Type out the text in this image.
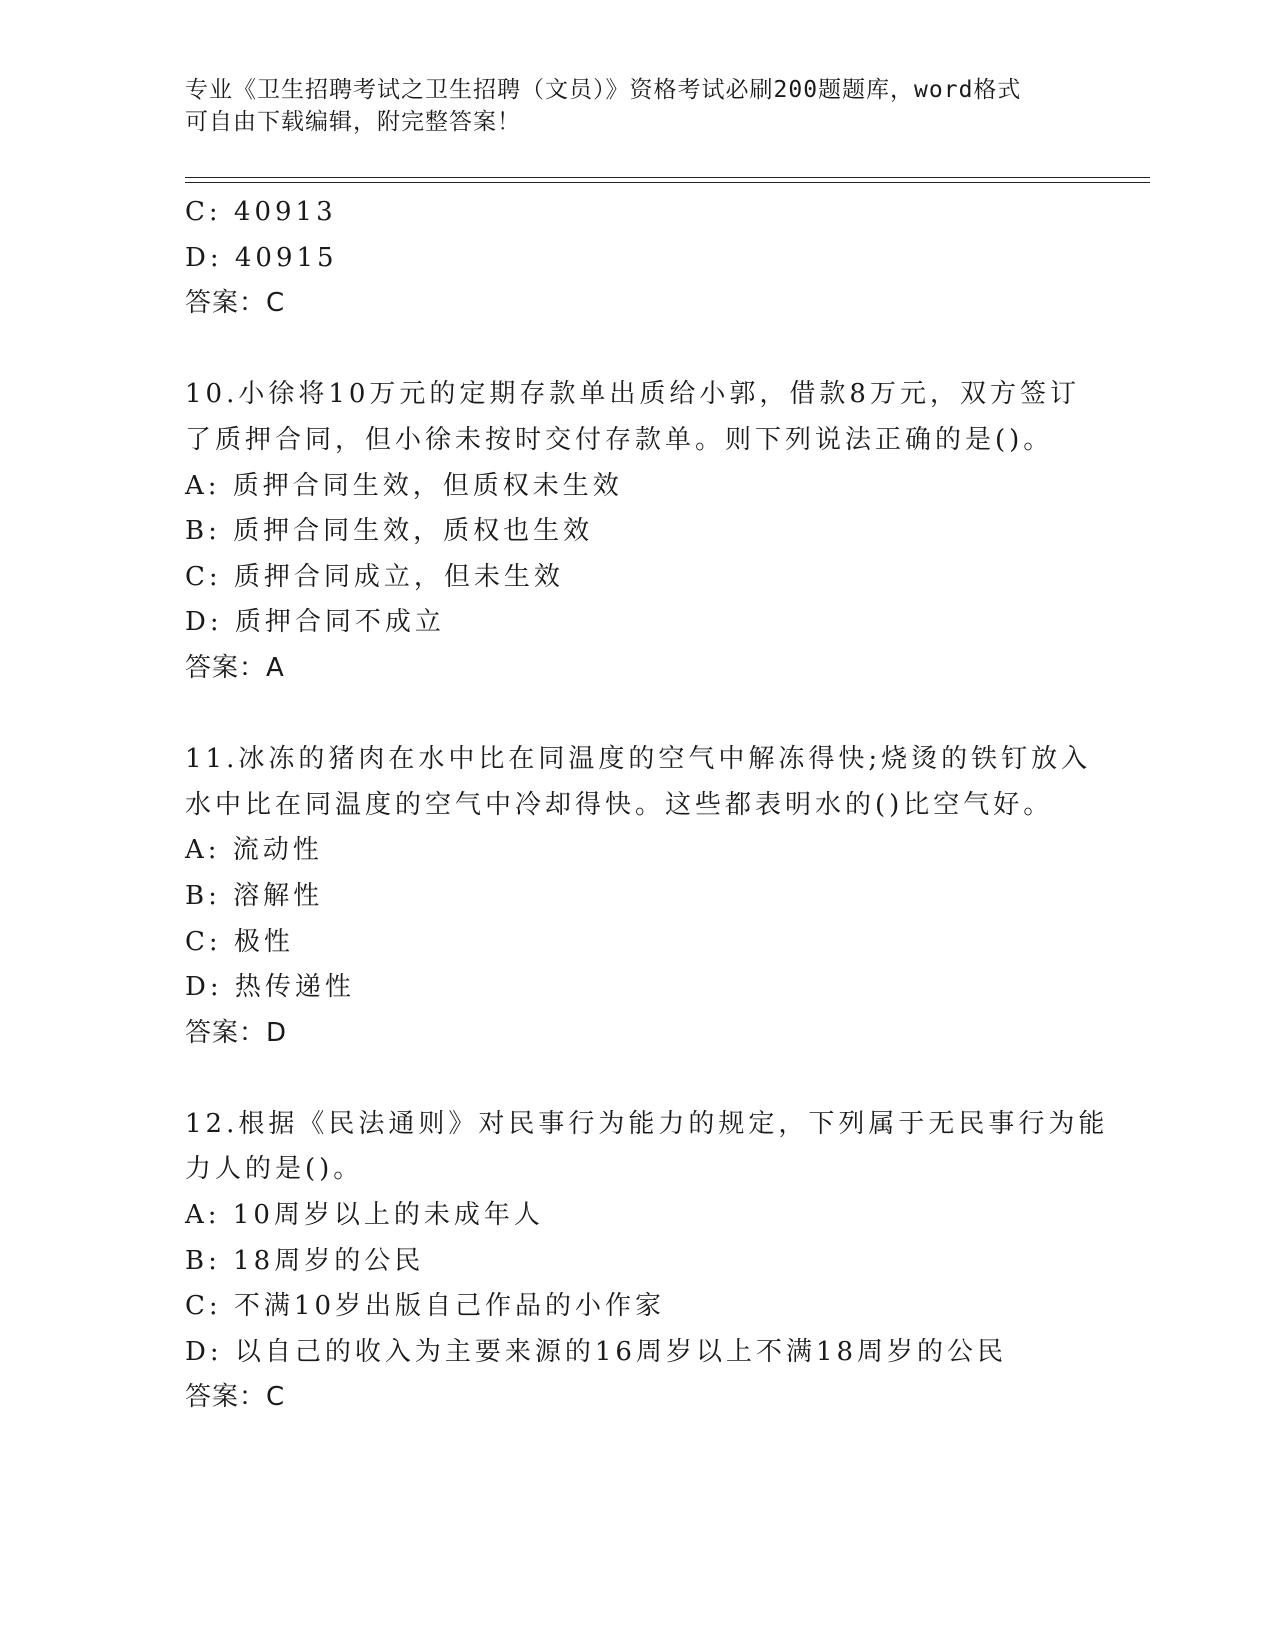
专业《卫生招聘考试之卫生招聘（文员）》资格考试必刷200题题库，word格式
可自由下载编辑，附完整答案！
C: 40913
D: 40915
答案：C
10.小徐将10万元的定期存款单出质给小郭，借款8万元，双方签订
了质押合同，但小徐未按时交付存款单。则下列说法正确的是()。
A: 质押合同生效，但质权未生效
B: 质押合同生效，质权也生效
C: 质押合同成立，但未生效
D: 质押合同不成立
答案：A
11.冰冻的猪肉在水中比在同温度的空气中解冻得快;烧烫的铁钉放入
水中比在同温度的空气中冷却得快。这些都表明水的()比空气好。
A: 流动性
B: 溶解性
C: 极性
D: 热传递性
答案：D
12.根据《民法通则》对民事行为能力的规定，下列属于无民事行为能
力人的是()。
A: 10周岁以上的未成年人
B: 18周岁的公民
C: 不满10岁出版自己作品的小作家
D: 以自己的收入为主要来源的16周岁以上不满18周岁的公民
答案：C
